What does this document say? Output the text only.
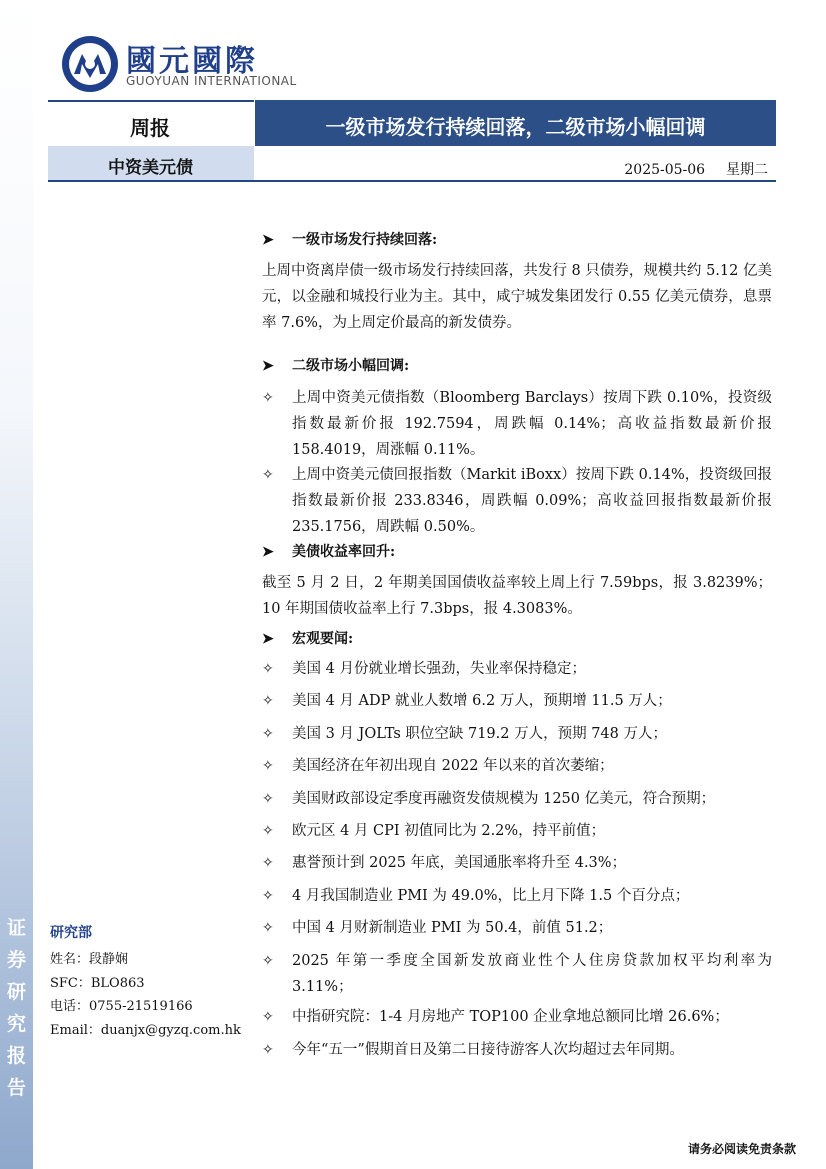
证券研究报告
國元國際
GUOYUAN INTERNATIONAL
周报	一级市场发行持续回落，二级市场小幅回调
中资美元债	2025-05-06 星期二
➤ 一级市场发行持续回落:
上周中资离岸债一级市场发行持续回落，共发行 8 只债券，规模共约 5.12 亿美元，以金融和城投行业为主。其中，咸宁城发集团发行 0.55 亿美元债券，息票率 7.6%，为上周定价最高的新发债券。
➤ 二级市场小幅回调:
✧	上周中资美元债指数（Bloomberg Barclays）按周下跌 0.10%，投资级指数最新价报 192.7594，周跌幅 0.14%；高收益指数最新价报 158.4019，周涨幅 0.11%。
✧	上周中资美元债回报指数（Markit iBoxx）按周下跌 0.14%，投资级回报指数最新价报 233.8346，周跌幅 0.09%；高收益回报指数最新价报 235.1756，周跌幅 0.50%。
➤ 美债收益率回升:
截至 5 月 2 日，2 年期美国国债收益率较上周上行 7.59bps，报 3.8239%；10 年期国债收益率上行 7.3bps，报 4.3083%。
➤ 宏观要闻:
✧	美国 4 月份就业增长强劲，失业率保持稳定；
✧	美国 4 月 ADP 就业人数增 6.2 万人，预期增 11.5 万人；
✧	美国 3 月 JOLTs 职位空缺 719.2 万人，预期 748 万人；
✧	美国经济在年初出现自 2022 年以来的首次萎缩；
✧	美国财政部设定季度再融资发债规模为 1250 亿美元，符合预期；
✧	欧元区 4 月 CPI 初值同比为 2.2%，持平前值；
✧	惠誉预计到 2025 年底，美国通胀率将升至 4.3%；
✧	4 月我国制造业 PMI 为 49.0%，比上月下降 1.5 个百分点；
✧	中国 4 月财新制造业 PMI 为 50.4，前值 51.2；
✧	2025 年第一季度全国新发放商业性个人住房贷款加权平均利率为 3.11%；
✧	中指研究院：1-4 月房地产 TOP100 企业拿地总额同比增 26.6%；
✧	今年“五一”假期首日及第二日接待游客人次均超过去年同期。
研究部
姓名：段静娴
SFC：BLO863
电话：0755-21519166
Email：duanjx@gyzq.com.hk
请务必阅读免责条款
